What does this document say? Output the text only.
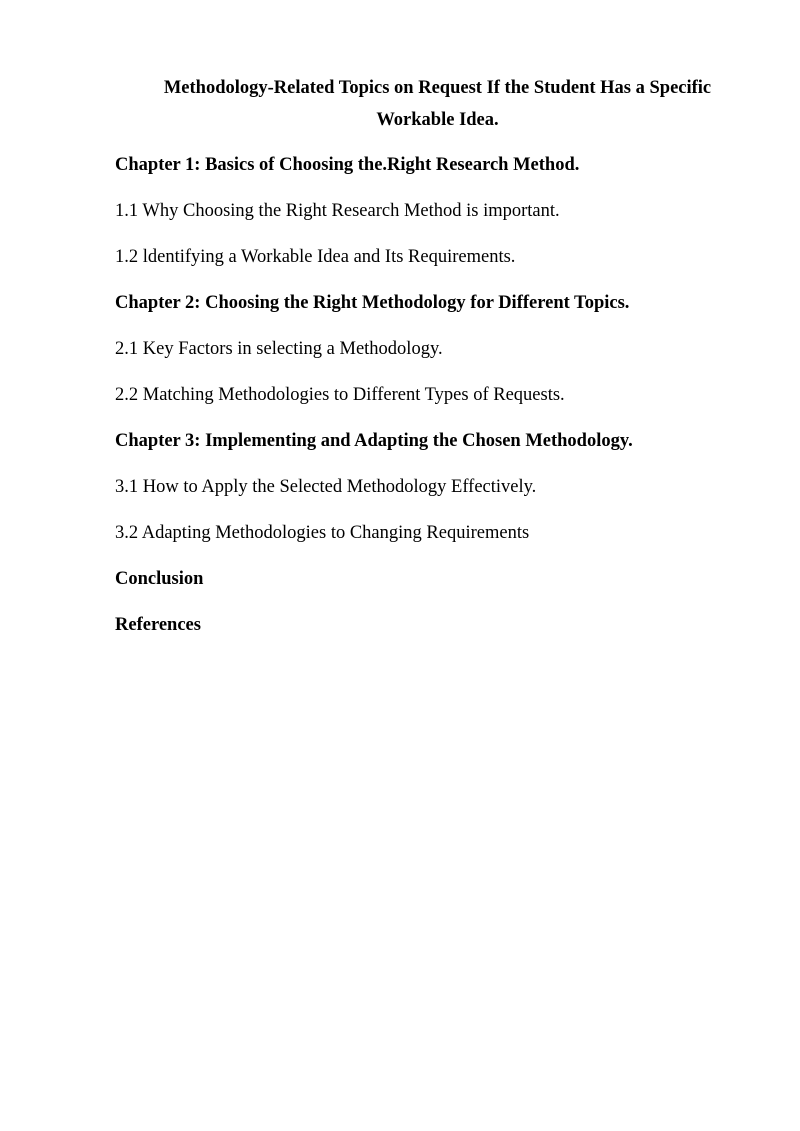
Methodology-Related Topics on Request If the Student Has a Specific
Workable Idea.
Chapter 1: Basics of Choosing the.Right Research Method.
1.1 Why Choosing the Right Research Method is important.
1.2 ldentifying a Workable Idea and Its Requirements.
Chapter 2: Choosing the Right Methodology for Different Topics.
2.1 Key Factors in selecting a Methodology.
2.2 Matching Methodologies to Different Types of Requests.
Chapter 3: Implementing and Adapting the Chosen Methodology.
3.1 How to Apply the Selected Methodology Effectively.
3.2 Adapting Methodologies to Changing Requirements
Conclusion
References
